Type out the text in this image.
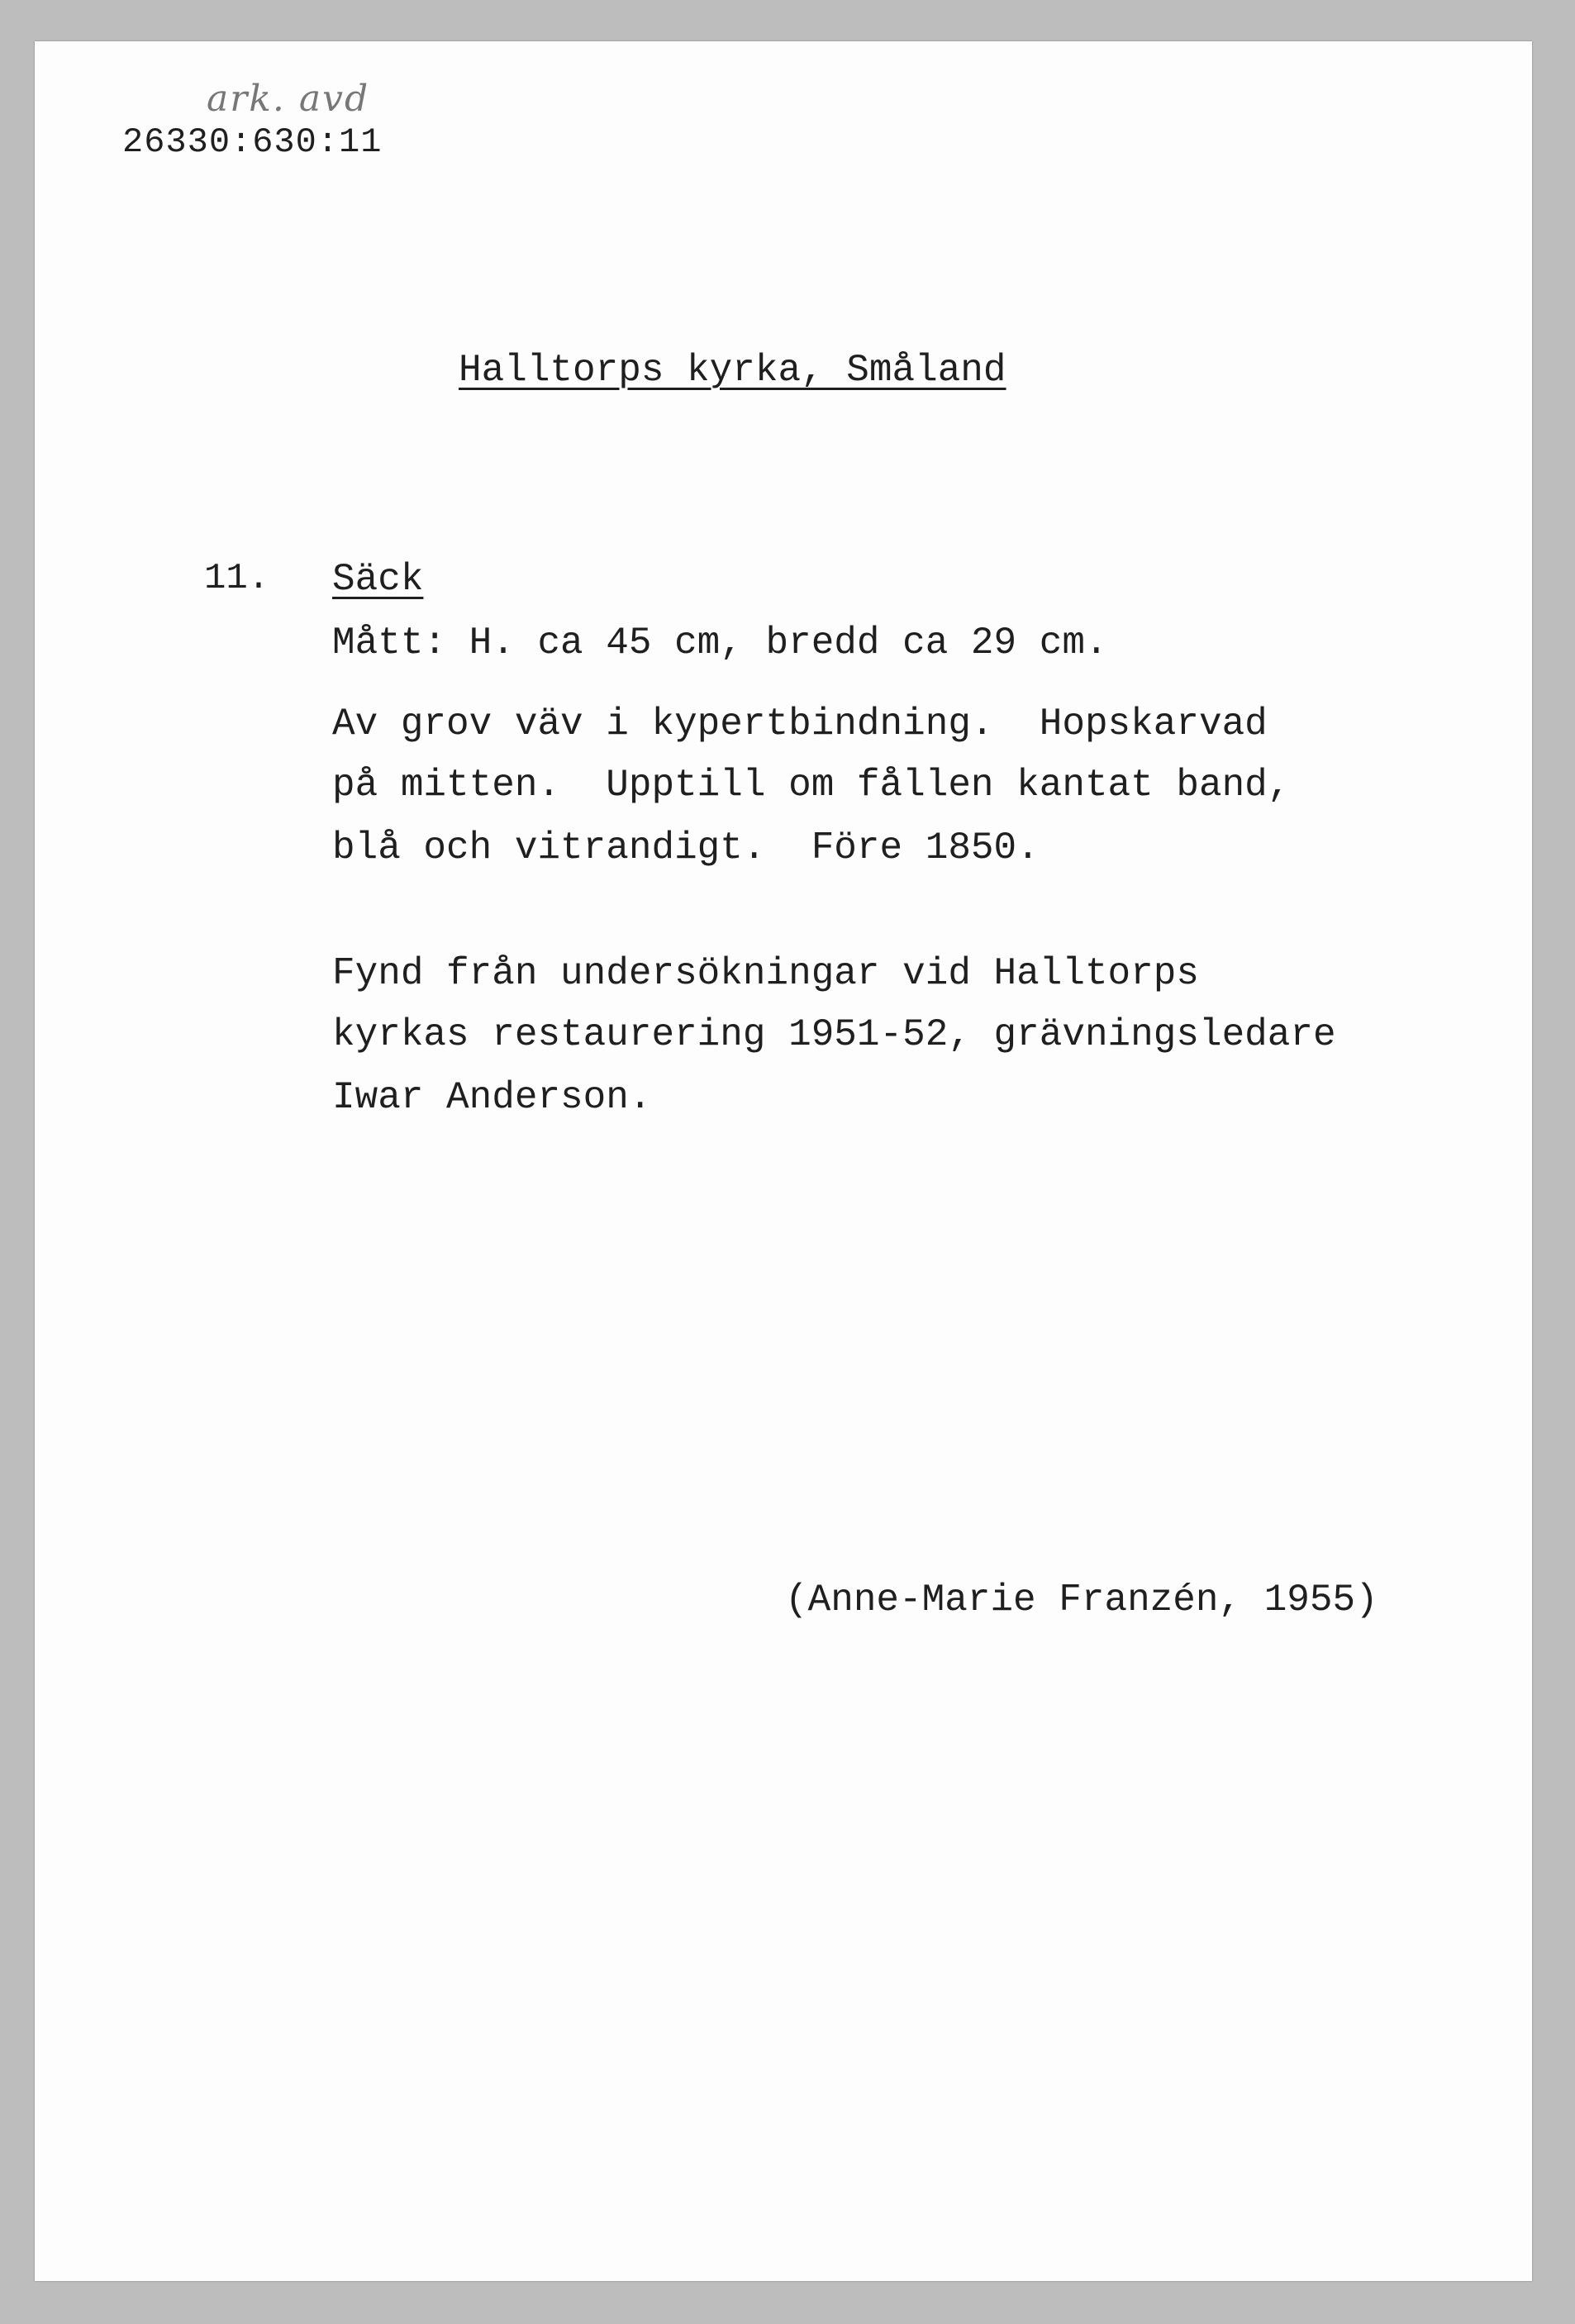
ark. avd
26330:630:11
Halltorps kyrka, Småland
11. Säck
Mått: H. ca 45 cm, bredd ca 29 cm.
Av grov väv i kypertbindning.  Hopskarvad
på mitten.  Upptill om fållen kantat band,
blå och vitrandigt.  Före 1850.
Fynd från undersökningar vid Halltorps
kyrkas restaurering 1951-52, grävningsledare
Iwar Anderson.
(Anne-Marie Franzén, 1955)
